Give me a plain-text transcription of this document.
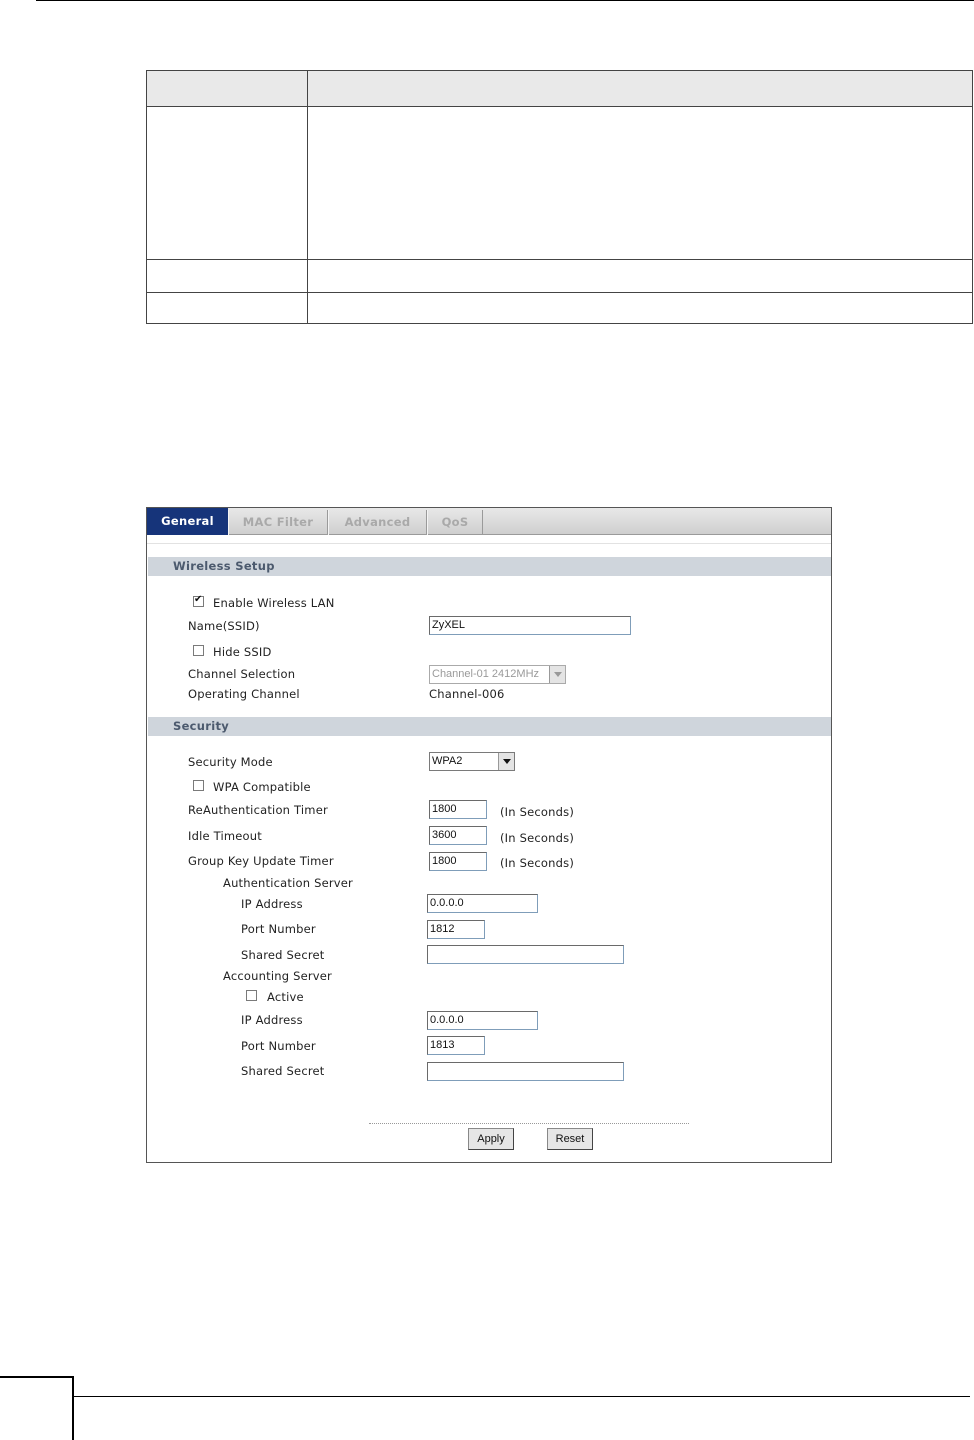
General	MAC Filter	Advanced	QoS
Wireless Setup
✔
Enable Wireless LAN
Name(SSID)	ZyXEL
Hide SSID
Channel Selection	Channel-01 2412MHz
Operating Channel	Channel-006
Security
Security Mode	WPA2
WPA Compatible
ReAuthentication Timer	1800	(In Seconds)
Idle Timeout	3600	(In Seconds)
Group Key Update Timer	1800	(In Seconds)
Authentication Server
IP Address	0.0.0.0
Port Number	1812
Shared Secret
Accounting Server
Active
IP Address	0.0.0.0
Port Number	1813
Shared Secret
Apply	Reset
